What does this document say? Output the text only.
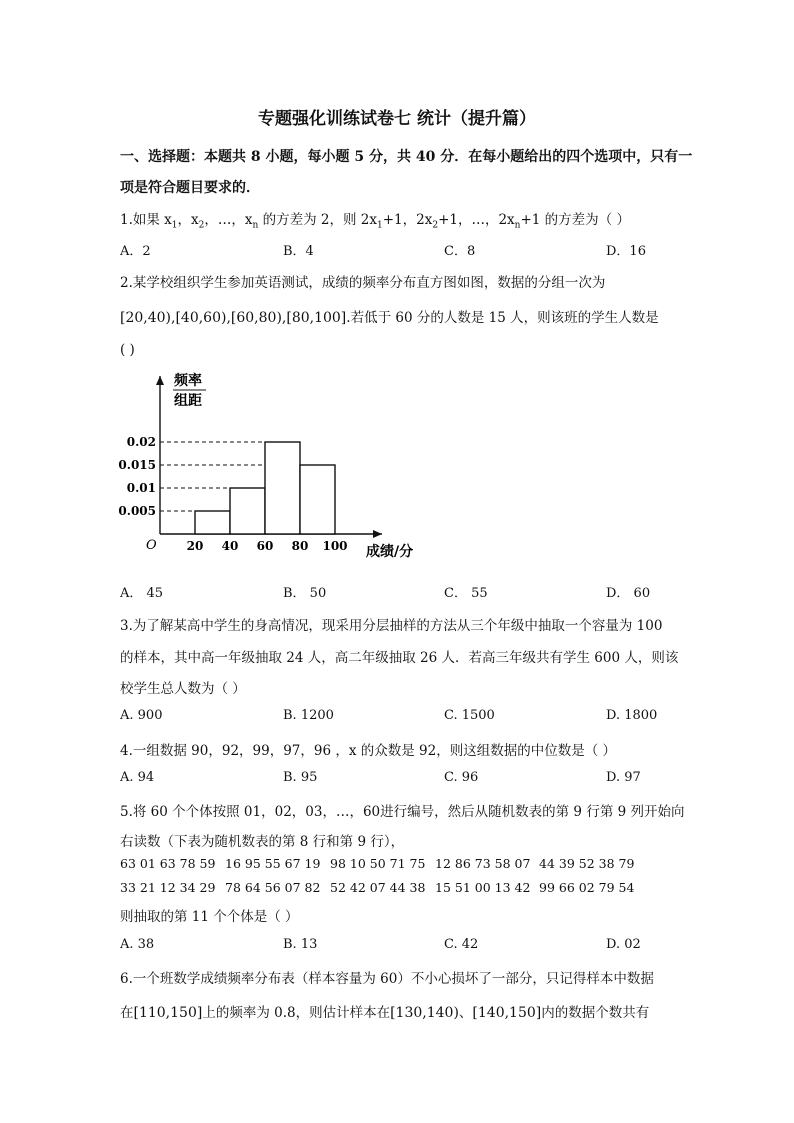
专题强化训练试卷七 统计（提升篇）
一、选择题：本题共 8 小题，每小题 5 分，共 40 分．在每小题给出的四个选项中，只有一
项是符合题目要求的．
1.如果 $x_1$，$x_2$，…，$x_n$ 的方差为 2，则 $2x_1+1$，$2x_2+1$，…，$2x_n+1$ 的方差为（ ）
A．2	B．4	C．8	D．16
2.某学校组织学生参加英语测试，成绩的频率分布直方图如图，数据的分组一次为
[20,40),[40,60),[60,80),[80,100].若低于 60 分的人数是 15 人，则该班的学生人数是
( )
0.005
0.01
0.015
0.02
20 40 60 80 100
频率
组距
成绩/分
O
A． 45	B． 50	C． 55	D． 60
3.为了解某高中学生的身高情况，现采用分层抽样的方法从三个年级中抽取一个容量为 100
的样本，其中高一年级抽取 24 人，高二年级抽取 26 人．若高三年级共有学生 600 人，则该
校学生总人数为（ ）
A. 900	B. 1200	C. 1500	D. 1800
4.一组数据 90，92，99，97，96 ，x 的众数是 92，则这组数据的中位数是（ ）
A. 94	B. 95	C. 96	D. 97
5.将 60 个个体按照 01，02，03，…，60进行编号，然后从随机数表的第 9 行第 9 列开始向
右读数（下表为随机数表的第 8 行和第 9 行），
63 01 63 78 59 16 95 55 67 19 98 10 50 71 75 12 86 73 58 07 44 39 52 38 79
33 21 12 34 29 78 64 56 07 82 52 42 07 44 38 15 51 00 13 42 99 66 02 79 54
则抽取的第 11 个个体是（ ）
A. 38	B. 13	C. 42	D. 02
6.一个班数学成绩频率分布表（样本容量为 60）不小心损坏了一部分，只记得样本中数据
在[110,150]上的频率为 0.8，则估计样本在[130,140)、[140,150]内的数据个数共有
